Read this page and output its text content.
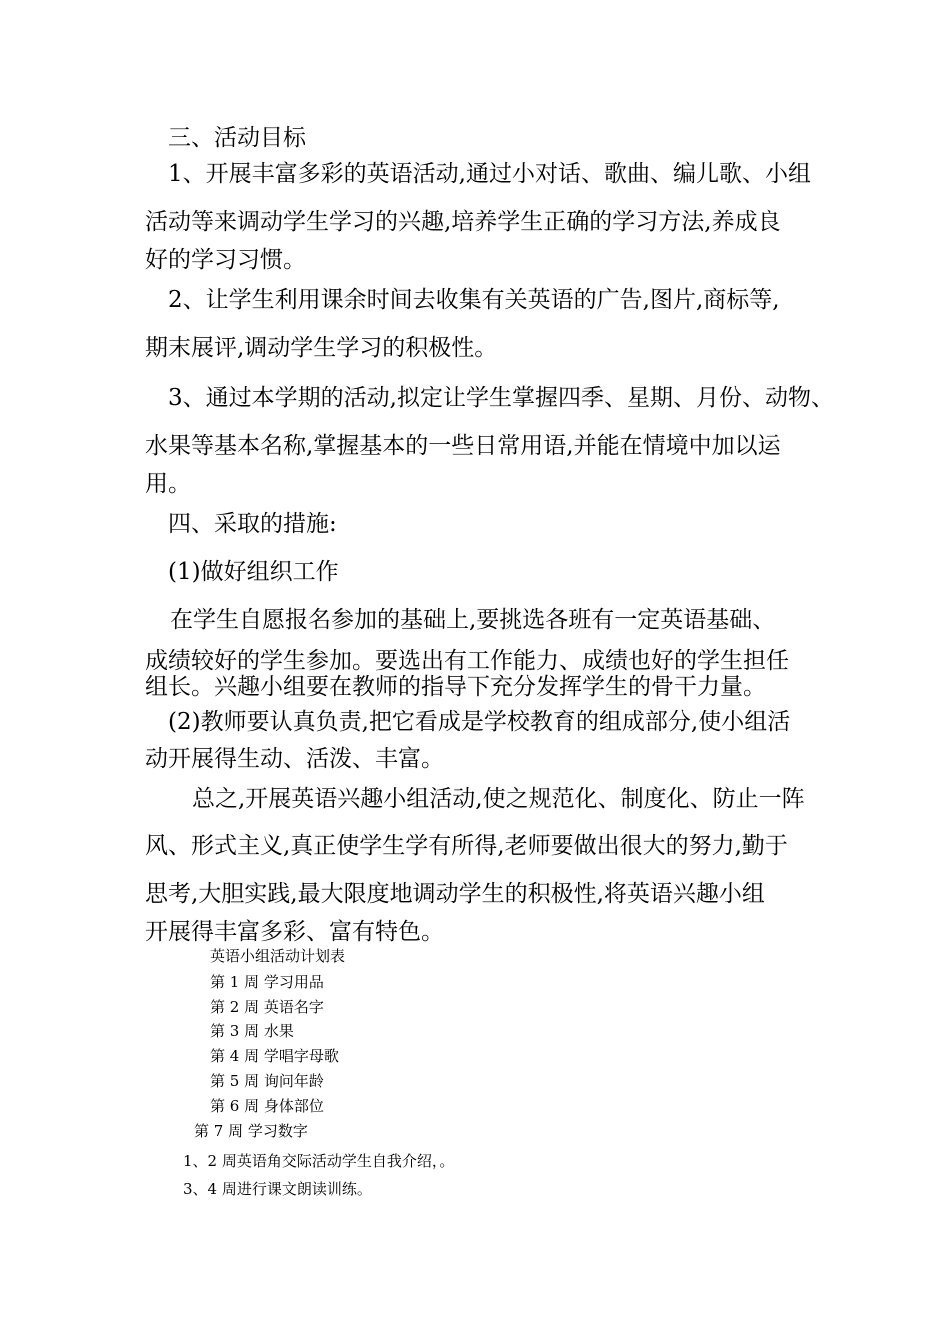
三、活动目标

1、开展丰富多彩的英语活动,通过小对话、歌曲、编儿歌、小组

活动等来调动学生学习的兴趣,培养学生正确的学习方法,养成良

好的学习习惯。

2、让学生利用课余时间去收集有关英语的广告,图片,商标等,

期末展评,调动学生学习的积极性。

3、通过本学期的活动,拟定让学生掌握四季、星期、月份、动物、

水果等基本名称,掌握基本的一些日常用语,并能在情境中加以运

用。

四、采取的措施:

(1)做好组织工作

在学生自愿报名参加的基础上,要挑选各班有一定英语基础、

成绩较好的学生参加。要选出有工作能力、成绩也好的学生担任

组长。兴趣小组要在教师的指导下充分发挥学生的骨干力量。

(2)教师要认真负责,把它看成是学校教育的组成部分,使小组活

动开展得生动、活泼、丰富。

总之,开展英语兴趣小组活动,使之规范化、制度化、防止一阵

风、形式主义,真正使学生学有所得,老师要做出很大的努力,勤于

思考,大胆实践,最大限度地调动学生的积极性,将英语兴趣小组

开展得丰富多彩、富有特色。

英语小组活动计划表

第 1 周 学习用品

第 2 周 英语名字

第 3 周 水果

第 4 周 学唱字母歌

第 5 周 询问年龄

第 6 周 身体部位

第 7 周 学习数字

1、2 周英语角交际活动学生自我介绍，。

3、4 周进行课文朗读训练。
